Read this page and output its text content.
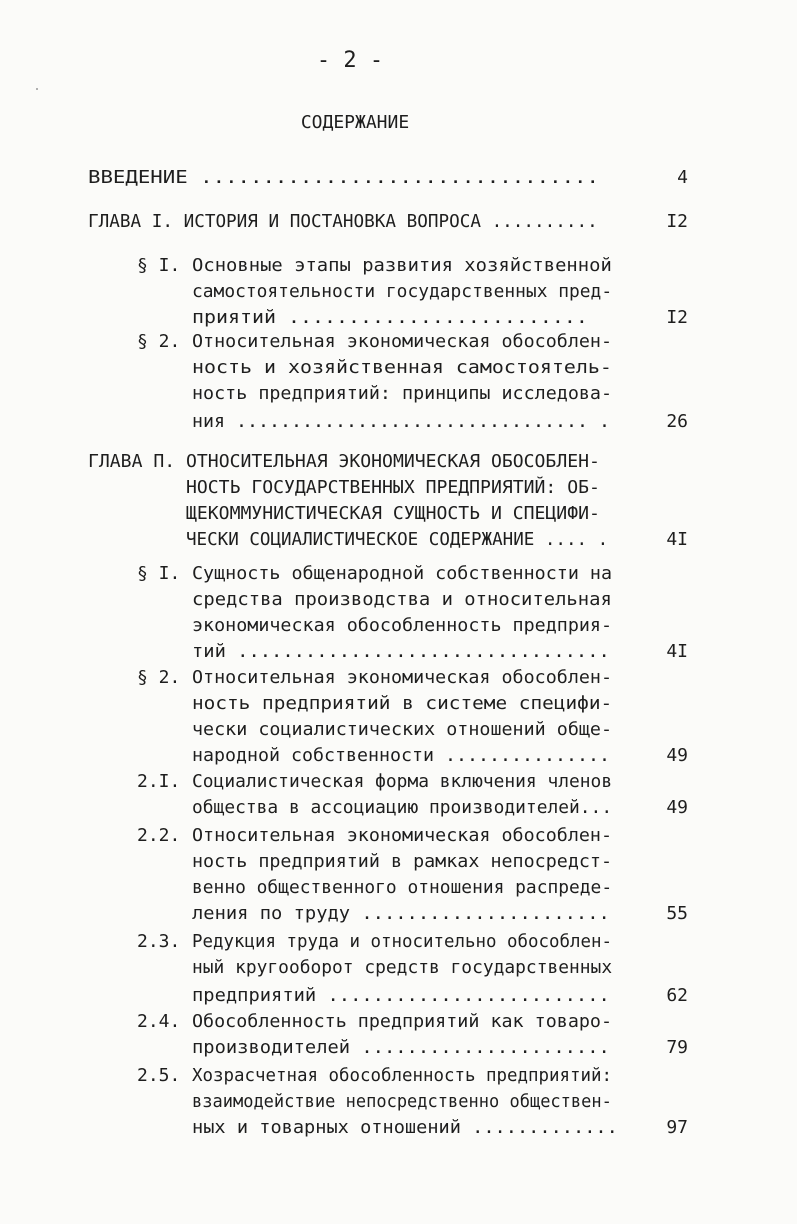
- 2 -
СОДЕРЖАНИЕ
ВВЕДЕНИЕ ................................	4
ГЛАВА I. ИСТОРИЯ И ПОСТАНОВКА ВОПРОСА ..........	I2
§ I. Основные этапы развития хозяйственной
самостоятельности государственных пред-
приятий .........................	I2
§ 2. Относительная экономическая обособлен-
ность и хозяйственная самостоятель-
ность предприятий: принципы исследова-
ния ................................ .	26
ГЛАВА П. ОТНОСИТЕЛЬНАЯ ЭКОНОМИЧЕСКАЯ ОБОСОБЛЕН-
НОСТЬ ГОСУДАРСТВЕННЫХ ПРЕДПРИЯТИЙ: ОБ-
ЩЕКОММУНИСТИЧЕСКАЯ СУЩНОСТЬ И СПЕЦИФИ-
ЧЕСКИ СОЦИАЛИСТИЧЕСКОЕ СОДЕРЖАНИЕ .... .	4I
§ I. Сущность общенародной собственности на
средства производства и относительная
экономическая обособленность предприя-
тий .................................	4I
§ 2. Относительная экономическая обособлен-
ность предприятий в системе специфи-
чески социалистических отношений обще-
народной собственности ...............	49
2.I. Социалистическая форма включения членов
общества в ассоциацию производителей...	49
2.2. Относительная экономическая обособлен-
ность предприятий в рамках непосредст-
венно общественного отношения распреде-
ления по труду ......................	55
2.3. Редукция труда и относительно обособлен-
ный кругооборот средств государственных
предприятий .........................	62
2.4. Обособленность предприятий как товаро-
производителей ......................	79
2.5. Хозрасчетная обособленность предприятий:
взаимодействие непосредственно обществен-
ных и товарных отношений .............	97
